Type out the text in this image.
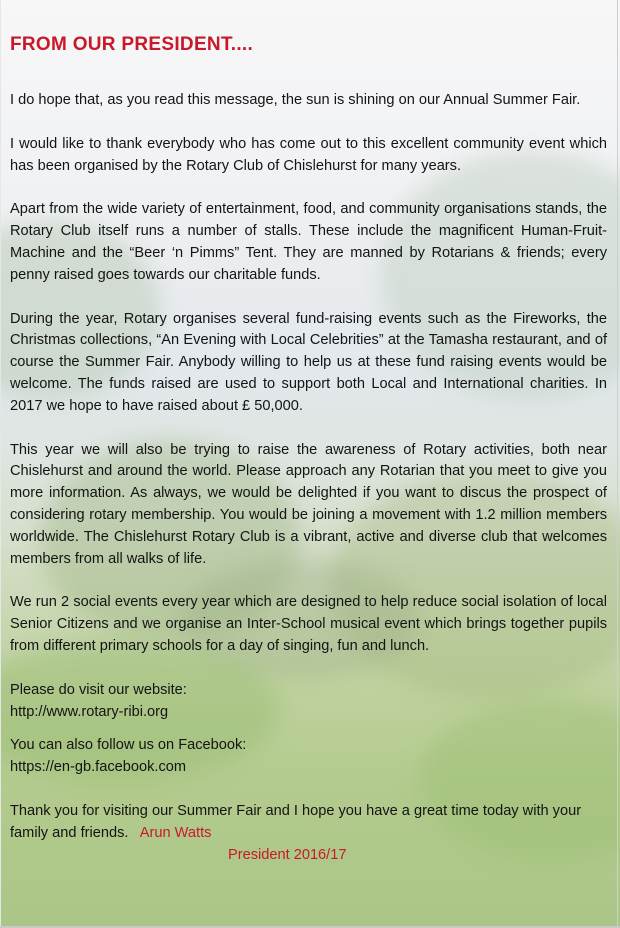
FROM OUR PRESIDENT....

I do hope that, as you read this message, the sun is shining on our Annual Summer Fair.

I would like to thank everybody who has come out to this excellent community event which has been organised by the Rotary Club of Chislehurst for many years.

Apart from the wide variety of entertainment, food, and community organisations stands, the Rotary Club itself runs a number of stalls. These include the magnificent Human-Fruit-Machine and the “Beer ‘n Pimms” Tent. They are manned by Rotarians & friends; every penny raised goes towards our charitable funds.

During the year, Rotary organises several fund-raising events such as the Fireworks, the Christmas collections, “An Evening with Local Celebrities” at the Tamasha restaurant, and of course the Summer Fair. Anybody willing to help us at these fund raising events would be welcome. The funds raised are used to support both Local and International charities. In 2017 we hope to have raised about £ 50,000.

This year we will also be trying to raise the awareness of Rotary activities, both near Chislehurst and around the world. Please approach any Rotarian that you meet to give you more information. As always, we would be delighted if you want to discus the prospect of considering rotary membership. You would be joining a movement with 1.2 million members worldwide. The Chislehurst Rotary Club is a vibrant, active and diverse club that welcomes members from all walks of life.

We run 2 social events every year which are designed to help reduce social isolation of local Senior Citizens and we organise an Inter-School musical event which brings together pupils from different primary schools for a day of singing, fun and lunch.

Please do visit our website:
http://www.rotary-ribi.org

You can also follow us on Facebook:
https://en-gb.facebook.com

Thank you for visiting our Summer Fair and I hope you have a great time today with your family and friends. Arun Watts
President 2016/17
